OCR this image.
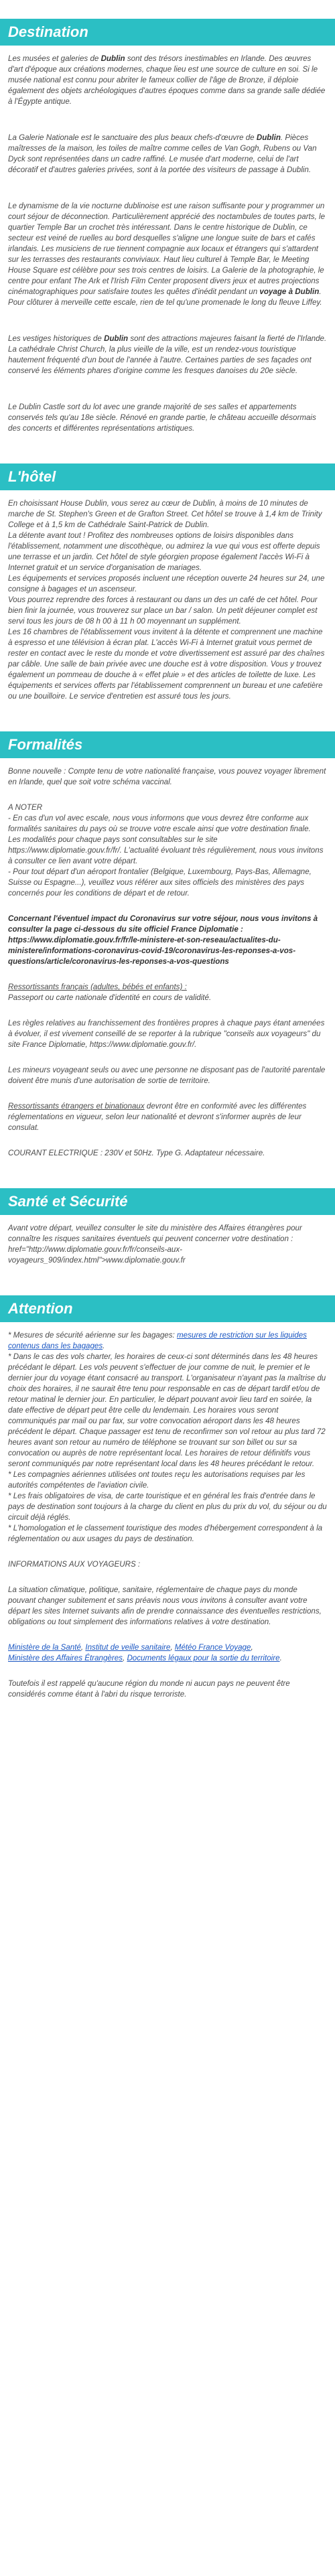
Destination

Les musées et galeries de Dublin sont des trésors inestimables en Irlande. Des œuvres d'art d'époque aux créations modernes, chaque lieu est une source de culture en soi. Si le musée national est connu pour abriter le fameux collier de l'âge de Bronze, il déploie également des objets archéologiques d'autres époques comme dans sa grande salle dédiée à l'Égypte antique.

La Galerie Nationale est le sanctuaire des plus beaux chefs-d'œuvre de Dublin. Pièces maîtresses de la maison, les toiles de maître comme celles de Van Gogh, Rubens ou Van Dyck sont représentées dans un cadre raffiné. Le musée d'art moderne, celui de l'art décoratif et d'autres galeries privées, sont à la portée des visiteurs de passage à Dublin.

Le dynamisme de la vie nocturne dublinoise est une raison suffisante pour y programmer un court séjour de déconnection. Particulièrement apprécié des noctambules de toutes parts, le quartier Temple Bar un crochet très intéressant. Dans le centre historique de Dublin, ce secteur est veiné de ruelles au bord desquelles s'aligne une longue suite de bars et cafés irlandais. Les musiciens de rue tiennent compagnie aux locaux et étrangers qui s'attardent sur les terrasses des restaurants conviviaux. Haut lieu culturel à Temple Bar, le Meeting House Square est célèbre pour ses trois centres de loisirs. La Galerie de la photographie, le centre pour enfant The Ark et l'Irish Film Center proposent divers jeux et autres projections cinématographiques pour satisfaire toutes les quêtes d'inédit pendant un voyage à Dublin. Pour clôturer à merveille cette escale, rien de tel qu'une promenade le long du fleuve Liffey.

Les vestiges historiques de Dublin sont des attractions majeures faisant la fierté de l'Irlande. La cathédrale Christ Church, la plus vieille de la ville, est un rendez-vous touristique hautement fréquenté d'un bout de l'année à l'autre. Certaines parties de ses façades ont conservé les éléments phares d'origine comme les fresques danoises du 20e siècle.

Le Dublin Castle sort du lot avec une grande majorité de ses salles et appartements conservés tels qu'au 18e siècle. Rénové en grande partie, le château accueille désormais des concerts et différentes représentations artistiques.

L'hôtel

En choisissant House Dublin, vous serez au cœur de Dublin, à moins de 10 minutes de marche de St. Stephen's Green et de Grafton Street. Cet hôtel se trouve à 1,4 km de Trinity College et à 1,5 km de Cathédrale Saint-Patrick de Dublin.

La détente avant tout ! Profitez des nombreuses options de loisirs disponibles dans l'établissement, notamment une discothèque, ou admirez la vue qui vous est offerte depuis une terrasse et un jardin. Cet hôtel de style géorgien propose également l'accès Wi-Fi à Internet gratuit et un service d'organisation de mariages.

Les équipements et services proposés incluent une réception ouverte 24 heures sur 24, une consigne à bagages et un ascenseur.

Vous pourrez reprendre des forces à restaurant ou dans un des un café de cet hôtel. Pour bien finir la journée, vous trouverez sur place un bar / salon. Un petit déjeuner complet est servi tous les jours de 08 h 00 à 11 h 00 moyennant un supplément.

Les 16 chambres de l'établissement vous invitent à la détente et comprennent une machine à espresso et une télévision à écran plat. L'accès Wi-Fi à Internet gratuit vous permet de rester en contact avec le reste du monde et votre divertissement est assuré par des chaînes par câble. Une salle de bain privée avec une douche est à votre disposition. Vous y trouvez également un pommeau de douche à « effet pluie » et des articles de toilette de luxe. Les équipements et services offerts par l'établissement comprennent un bureau et une cafetière ou une bouilloire. Le service d'entretien est assuré tous les jours.

Formalités

Bonne nouvelle : Compte tenu de votre nationalité française, vous pouvez voyager librement en Irlande, quel que soit votre schéma vaccinal.

A NOTER

- En cas d'un vol avec escale, nous vous informons que vous devrez être conforme aux formalités sanitaires du pays où se trouve votre escale ainsi que votre destination finale.

Les modalités pour chaque pays sont consultables sur le site https://www.diplomatie.gouv.fr/fr/. L'actualité évoluant très régulièrement, nous vous invitons à consulter ce lien avant votre départ.

- Pour tout départ d'un aéroport frontalier (Belgique, Luxembourg, Pays-Bas, Allemagne, Suisse ou Espagne...), veuillez vous référer aux sites officiels des ministères des pays concernés pour les conditions de départ et de retour.

Concernant l'éventuel impact du Coronavirus sur votre séjour, nous vous invitons à consulter la page ci-dessous du site officiel France Diplomatie : https://www.diplomatie.gouv.fr/fr/le-ministere-et-son-reseau/actualites-du-ministere/informations-coronavirus-covid-19/coronavirus-les-reponses-a-vos-questions/article/coronavirus-les-reponses-a-vos-questions

Ressortissants français (adultes, bébés et enfants) :

Passeport ou carte nationale d'identité en cours de validité.

Les règles relatives au franchissement des frontières propres à chaque pays étant amenées à évoluer, il est vivement conseillé de se reporter à la rubrique "conseils aux voyageurs" du site France Diplomatie, https://www.diplomatie.gouv.fr/.

Les mineurs voyageant seuls ou avec une personne ne disposant pas de l'autorité parentale doivent être munis d'une autorisation de sortie de territoire.

Ressortissants étrangers et binationaux devront être en conformité avec les différentes réglementations en vigueur, selon leur nationalité et devront s'informer auprès de leur consulat.

COURANT ELECTRIQUE : 230V et 50Hz. Type G. Adaptateur nécessaire.

Santé et Sécurité

Avant votre départ, veuillez consulter le site du ministère des Affaires étrangères pour connaître les risques sanitaires éventuels qui peuvent concerner votre destination : href="http://www.diplomatie.gouv.fr/fr/conseils-aux-voyageurs_909/index.html">www.diplomatie.gouv.fr

Attention

* Mesures de sécurité aérienne sur les bagages: mesures de restriction sur les liquides contenus dans les bagages.

* Dans le cas des vols charter, les horaires de ceux-ci sont déterminés dans les 48 heures précédant le départ. Les vols peuvent s'effectuer de jour comme de nuit, le premier et le dernier jour du voyage étant consacré au transport. L'organisateur n'ayant pas la maîtrise du choix des horaires, il ne saurait être tenu pour responsable en cas de départ tardif et/ou de retour matinal le dernier jour. En particulier, le départ pouvant avoir lieu tard en soirée, la date effective de départ peut être celle du lendemain. Les horaires vous seront communiqués par mail ou par fax, sur votre convocation aéroport dans les 48 heures précédent le départ. Chaque passager est tenu de reconfirmer son vol retour au plus tard 72 heures avant son retour au numéro de téléphone se trouvant sur son billet ou sur sa convocation ou auprès de notre représentant local. Les horaires de retour définitifs vous seront communiqués par notre représentant local dans les 48 heures précédant le retour.

* Les compagnies aériennes utilisées ont toutes reçu les autorisations requises par les autorités compétentes de l'aviation civile.

* Les frais obligatoires de visa, de carte touristique et en général les frais d'entrée dans le pays de destination sont toujours à la charge du client en plus du prix du vol, du séjour ou du circuit déjà réglés.

* L'homologation et le classement touristique des modes d'hébergement correspondent à la réglementation ou aux usages du pays de destination.

INFORMATIONS AUX VOYAGEURS :

La situation climatique, politique, sanitaire, réglementaire de chaque pays du monde pouvant changer subitement et sans préavis nous vous invitons à consulter avant votre départ les sites Internet suivants afin de prendre connaissance des éventuelles restrictions, obligations ou tout simplement des informations relatives à votre destination.

Ministère de la Santé, Institut de veille sanitaire, Météo France Voyage,
Ministère des Affaires Étrangères, Documents légaux pour la sortie du territoire.

Toutefois il est rappelé qu'aucune région du monde ni aucun pays ne peuvent être considérés comme étant à l'abri du risque terroriste.
